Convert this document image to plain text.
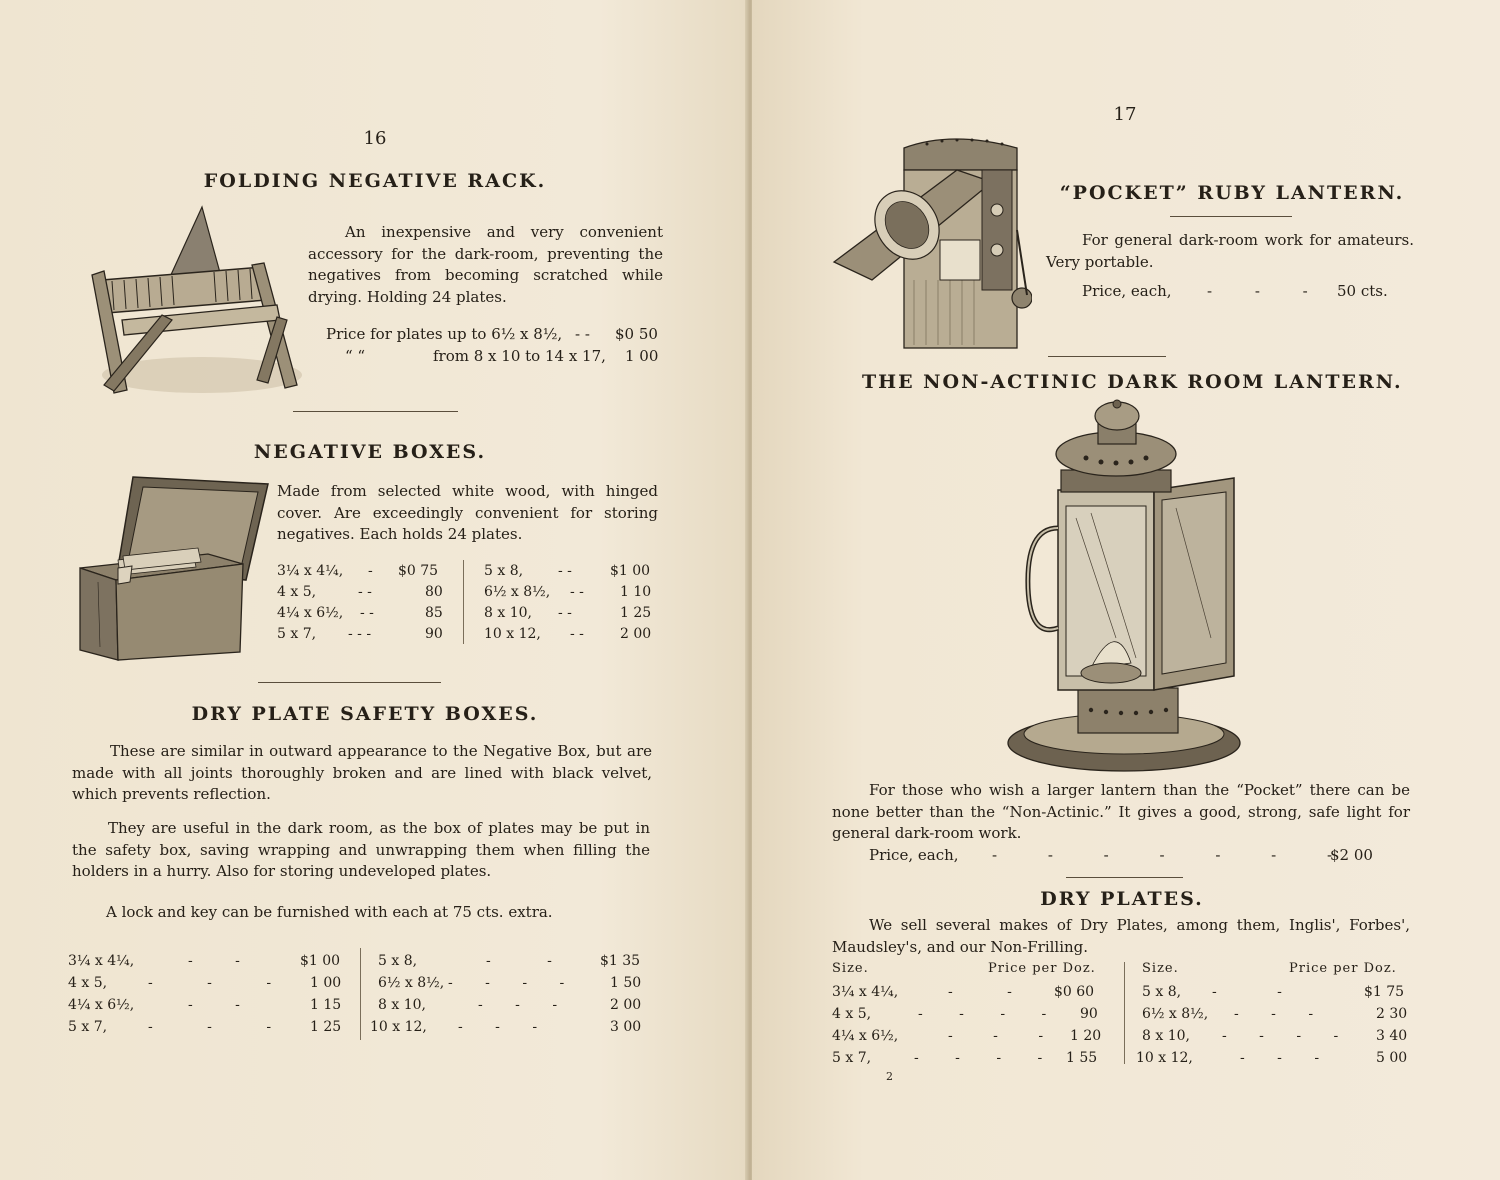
16
FOLDING NEGATIVE RACK.
An inexpensive and very convenient accessory for the dark-room, preventing the negatives from becoming scratched while drying. Holding 24 plates.
Price for plates up to 6½ x 8½, - - $0 50
“ “	from 8 x 10 to 14 x 17, 1 00
NEGATIVE BOXES.
Made from selected white wood, with hinged cover. Are exceedingly convenient for storing negatives. Each holds 24 plates.
3¼ x 4¼, - $0 75
4 x 5,	- -	80
4¼ x 6½, - -	85
5 x 7, - - -	90
5 x 8, - -	$1 00
6½ x 8½, - -	1 10
8 x 10, - -	1 25
10 x 12, - -	2 00
DRY PLATE SAFETY BOXES.
These are similar in outward appearance to the Negative Box, but are made with all joints thoroughly broken and are lined with black velvet, which prevents reflection.
They are useful in the dark room, as the box of plates may be put in the safety box, saving wrapping and unwrapping them when filling the holders in a hurry. Also for storing undeveloped plates.
A lock and key can be furnished with each at 75 cts. extra.
3¼ x 4¼,	- -	$1 00
4 x 5,	- - -	1 00
4¼ x 6½,	- -	1 15
5 x 7,	- - -	1 25
5 x 8,	- -	$1 35
6½ x 8½, - - - -	1 50
8 x 10,	- - -	2 00
10 x 12, - - -	3 00
17
“POCKET” RUBY LANTERN.
For general dark-room work for amateurs. Very portable.
Price, each, - - - 50 cts.
THE NON-ACTINIC DARK ROOM LANTERN.
For those who wish a larger lantern than the “Pocket” there can be none better than the “Non-Actinic.” It gives a good, strong, safe light for general dark-room work.
Price, each, - - - - - - -
$2 00
DRY PLATES.
We sell several makes of Dry Plates, among them, Inglis', Forbes', Maudsley's, and our Non-Frilling.
Size.	Price per Doz.	Size.	Price per Doz.
3¼ x 4¼,	- -	$0 60
4 x 5,	- - - - 90
4¼ x 6½,	- - - 1 20
5 x 7,	- - - - 1 55
5 x 8, - -	$1 75
6½ x 8½, - - -	2 30
8 x 10, - - - -	3 40
10 x 12,	- - -	5 00
2
